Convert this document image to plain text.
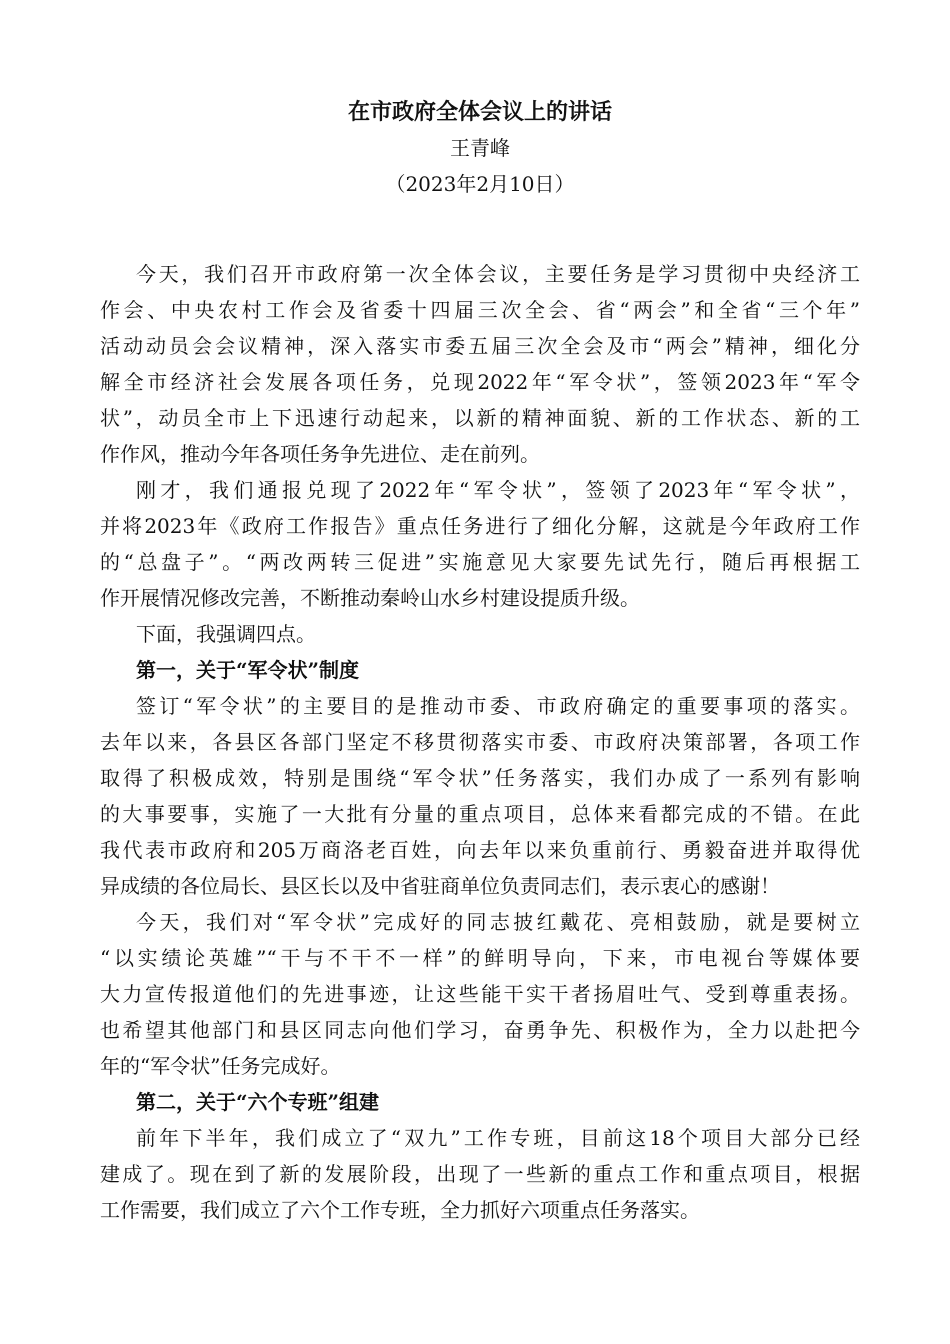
在市政府全体会议上的讲话
王青峰
（2023年2月10日）
今天，我们召开市政府第一次全体会议，主要任务是学习贯彻中央经济工
作会、中央农村工作会及省委十四届三次全会、省“两会”和全省“三个年”
活动动员会会议精神，深入落实市委五届三次全会及市“两会”精神，细化分
解全市经济社会发展各项任务，兑现2022年“军令状”，签领2023年“军令
状”，动员全市上下迅速行动起来，以新的精神面貌、新的工作状态、新的工
作作风，推动今年各项任务争先进位、走在前列。
刚才，我们通报兑现了2022年“军令状”，签领了2023年“军令状”，
并将2023年《政府工作报告》重点任务进行了细化分解，这就是今年政府工作
的“总盘子”。“两改两转三促进”实施意见大家要先试先行，随后再根据工
作开展情况修改完善，不断推动秦岭山水乡村建设提质升级。
下面，我强调四点。
第一，关于“军令状”制度
签订“军令状”的主要目的是推动市委、市政府确定的重要事项的落实。
去年以来，各县区各部门坚定不移贯彻落实市委、市政府决策部署，各项工作
取得了积极成效，特别是围绕“军令状”任务落实，我们办成了一系列有影响
的大事要事，实施了一大批有分量的重点项目，总体来看都完成的不错。在此
我代表市政府和205万商洛老百姓，向去年以来负重前行、勇毅奋进并取得优
异成绩的各位局长、县区长以及中省驻商单位负责同志们，表示衷心的感谢！
今天，我们对“军令状”完成好的同志披红戴花、亮相鼓励，就是要树立
“以实绩论英雄”“干与不干不一样”的鲜明导向，下来，市电视台等媒体要
大力宣传报道他们的先进事迹，让这些能干实干者扬眉吐气、受到尊重表扬。
也希望其他部门和县区同志向他们学习，奋勇争先、积极作为，全力以赴把今
年的“军令状”任务完成好。
第二，关于“六个专班”组建
前年下半年，我们成立了“双九”工作专班，目前这18个项目大部分已经
建成了。现在到了新的发展阶段，出现了一些新的重点工作和重点项目，根据
工作需要，我们成立了六个工作专班，全力抓好六项重点任务落实。
